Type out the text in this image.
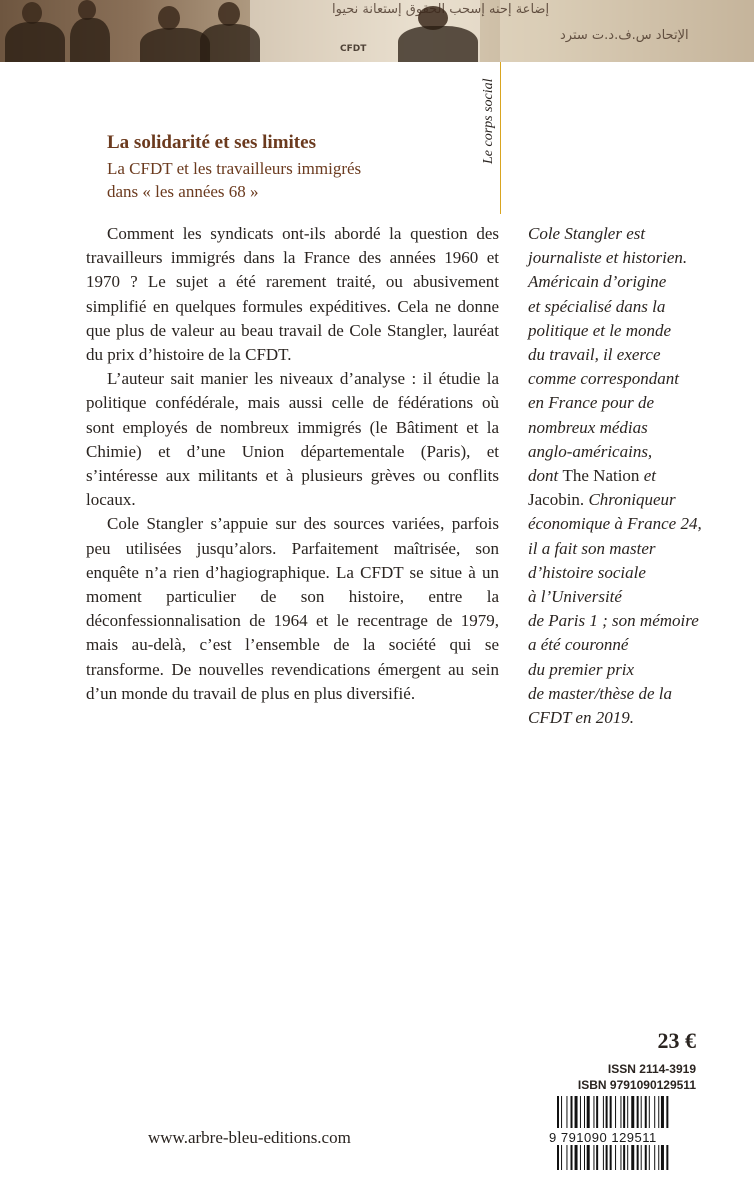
إضاعة إحنه إسحب الحقوق إستعانة نحيوا
الإتحاد س.ف.د.ت سترد
CFDT
Le corps social
La solidarité et ses limites
La CFDT et les travailleurs immigrés
dans « les années 68 »

Comment les syndicats ont-ils abordé la question des travailleurs immigrés dans la France des années 1960 et 1970 ? Le sujet a été rarement traité, ou abusivement simplifié en quelques formules expéditives. Cela ne donne que plus de valeur au beau travail de Cole Stangler, lauréat du prix d’histoire de la CFDT.

L’auteur sait manier les niveaux d’analyse : il étudie la politique confédérale, mais aussi celle de fédérations où sont employés de nombreux immigrés (le Bâtiment et la Chimie) et d’une Union départementale (Paris), et s’intéresse aux militants et à plusieurs grèves ou conflits locaux.

Cole Stangler s’appuie sur des sources variées, parfois peu utilisées jusqu’alors. Parfaitement maîtrisée, son enquête n’a rien d’hagiographique. La CFDT se situe à un moment particulier de son histoire, entre la déconfessionnalisation de 1964 et le recentrage de 1979, mais au-delà, c’est l’ensemble de la société qui se transforme. De nouvelles revendications émergent au sein d’un monde du travail de plus en plus diversifié.

Cole Stangler est
journaliste et historien.
Américain d’origine
et spécialisé dans la
politique et le monde
du travail, il exerce
comme correspondant
en France pour de
nombreux médias
anglo-américains,
dont The Nation et
Jacobin. Chroniqueur
économique à France 24,
il a fait son master
d’histoire sociale
à l’Université
de Paris 1 ; son mémoire
a été couronné
du premier prix
de master/thèse de la
CFDT en 2019.
23 €
ISSN 2114-3919
ISBN 9791090129511
9 791090 129511
www.arbre-bleu-editions.com
